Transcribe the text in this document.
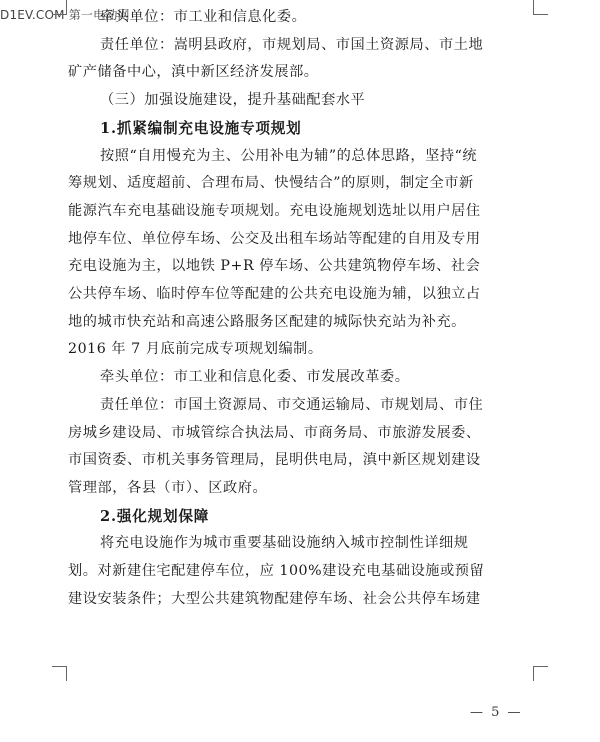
D1EV.COM 第一电动网

牵头单位：市工业和信息化委。

责任单位：嵩明县政府，市规划局、市国土资源局、市土地

矿产储备中心，滇中新区经济发展部。

（三）加强设施建设，提升基础配套水平

1.抓紧编制充电设施专项规划

按照“自用慢充为主、公用补电为辅”的总体思路，坚持“统

筹规划、适度超前、合理布局、快慢结合”的原则，制定全市新

能源汽车充电基础设施专项规划。充电设施规划选址以用户居住

地停车位、单位停车场、公交及出租车场站等配建的自用及专用

充电设施为主，以地铁 P+R 停车场、公共建筑物停车场、社会

公共停车场、临时停车位等配建的公共充电设施为辅，以独立占

地的城市快充站和高速公路服务区配建的城际快充站为补充。

2016 年 7 月底前完成专项规划编制。

牵头单位：市工业和信息化委、市发展改革委。

责任单位：市国土资源局、市交通运输局、市规划局、市住

房城乡建设局、市城管综合执法局、市商务局、市旅游发展委、

市国资委、市机关事务管理局，昆明供电局，滇中新区规划建设

管理部，各县（市）、区政府。

2.强化规划保障

将充电设施作为城市重要基础设施纳入城市控制性详细规

划。对新建住宅配建停车位，应 100%建设充电基础设施或预留

建设安装条件；大型公共建筑物配建停车场、社会公共停车场建

— 5 —
